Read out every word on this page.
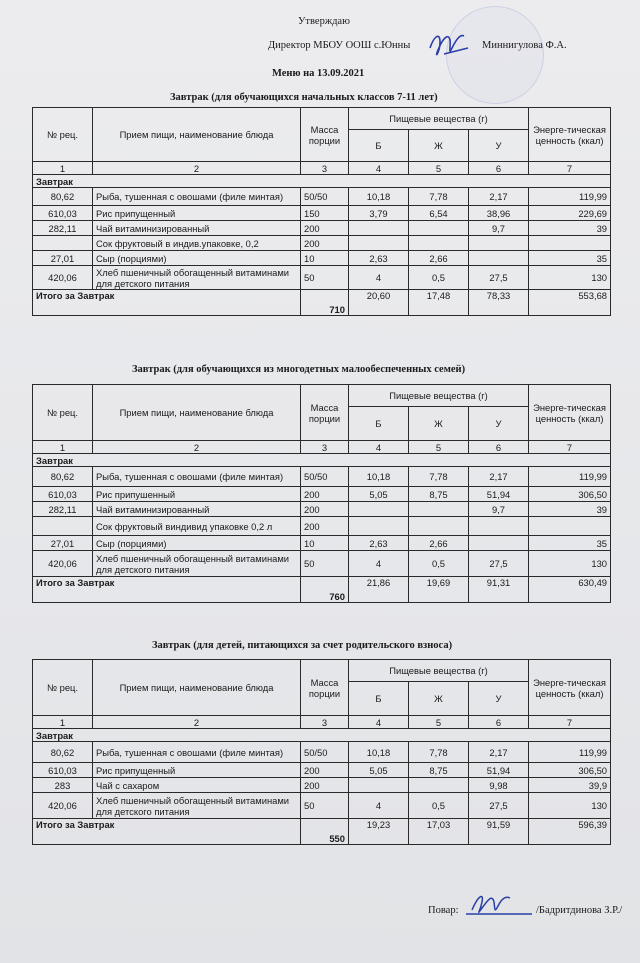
Утверждаю
Директор МБОУ ООШ с.Юнны	Миннигулова Ф.А.
Меню на 13.09.2021
Завтрак (для обучающихся начальных классов 7-11 лет)
№ рец.	Прием пищи, наименование блюда	Масса порции	Пищевые вещества (г)			Энерге-тическая ценность (ккал)
			Б	Ж	У	
1	2	3	4	5	6	7
Завтрак						
80,62	Рыба, тушенная с овошами (филе минтая)	50/50	10,18	7,78	2,17	119,99
610,03	Рис припущенный	150	3,79	6,54	38,96	229,69
282,11	Чай витаминизированный	200			9,7	39
	Сок фруктовый в индив.упаковке, 0,2	200				
27,01	Сыр (порциями)	10	2,63	2,66		35
420,06	Хлеб пшеничный обогащенный витаминами для детского питания	50	4	0,5	27,5	130
Итого за Завтрак		710	20,60	17,48	78,33	553,68
Завтрак (для обучающихся из многодетных малообеспеченных семей)
№ рец.	Прием пищи, наименование блюда	Масса порции	Пищевые вещества (г)			Энерге-тическая ценность (ккал)
			Б	Ж	У	
1	2	3	4	5	6	7
Завтрак						
80,62	Рыба, тушенная с овошами (филе минтая)	50/50	10,18	7,78	2,17	119,99
610,03	Рис припушенный	200	5,05	8,75	51,94	306,50
282,11	Чай витаминизированный	200			9,7	39
	Сок фруктовый виндивид упаковке 0,2 л	200				
27,01	Сыр (порциями)	10	2,63	2,66		35
420,06	Хлеб пшеничный обогащенный витаминами для детского питания	50	4	0,5	27,5	130
Итого за Завтрак		760	21,86	19,69	91,31	630,49
Завтрак (для детей, питающихся за счет родительского взноса)
№ рец.	Прием пищи, наименование блюда	Масса порции	Пищевые вещества (г)			Энерге-тическая ценность (ккал)
			Б	Ж	У	
1	2	3	4	5	6	7
Завтрак						
80,62	Рыба, тушенная с овошами (филе минтая)	50/50	10,18	7,78	2,17	119,99
610,03	Рис припущенный	200	5,05	8,75	51,94	306,50
283	Чай с сахаром	200			9,98	39,9
420,06	Хлеб пшеничный обогащенный витаминами для детского питания	50	4	0,5	27,5	130
Итого за Завтрак		550	19,23	17,03	91,59	596,39
Повар:	/Бадритдинова З.Р./
